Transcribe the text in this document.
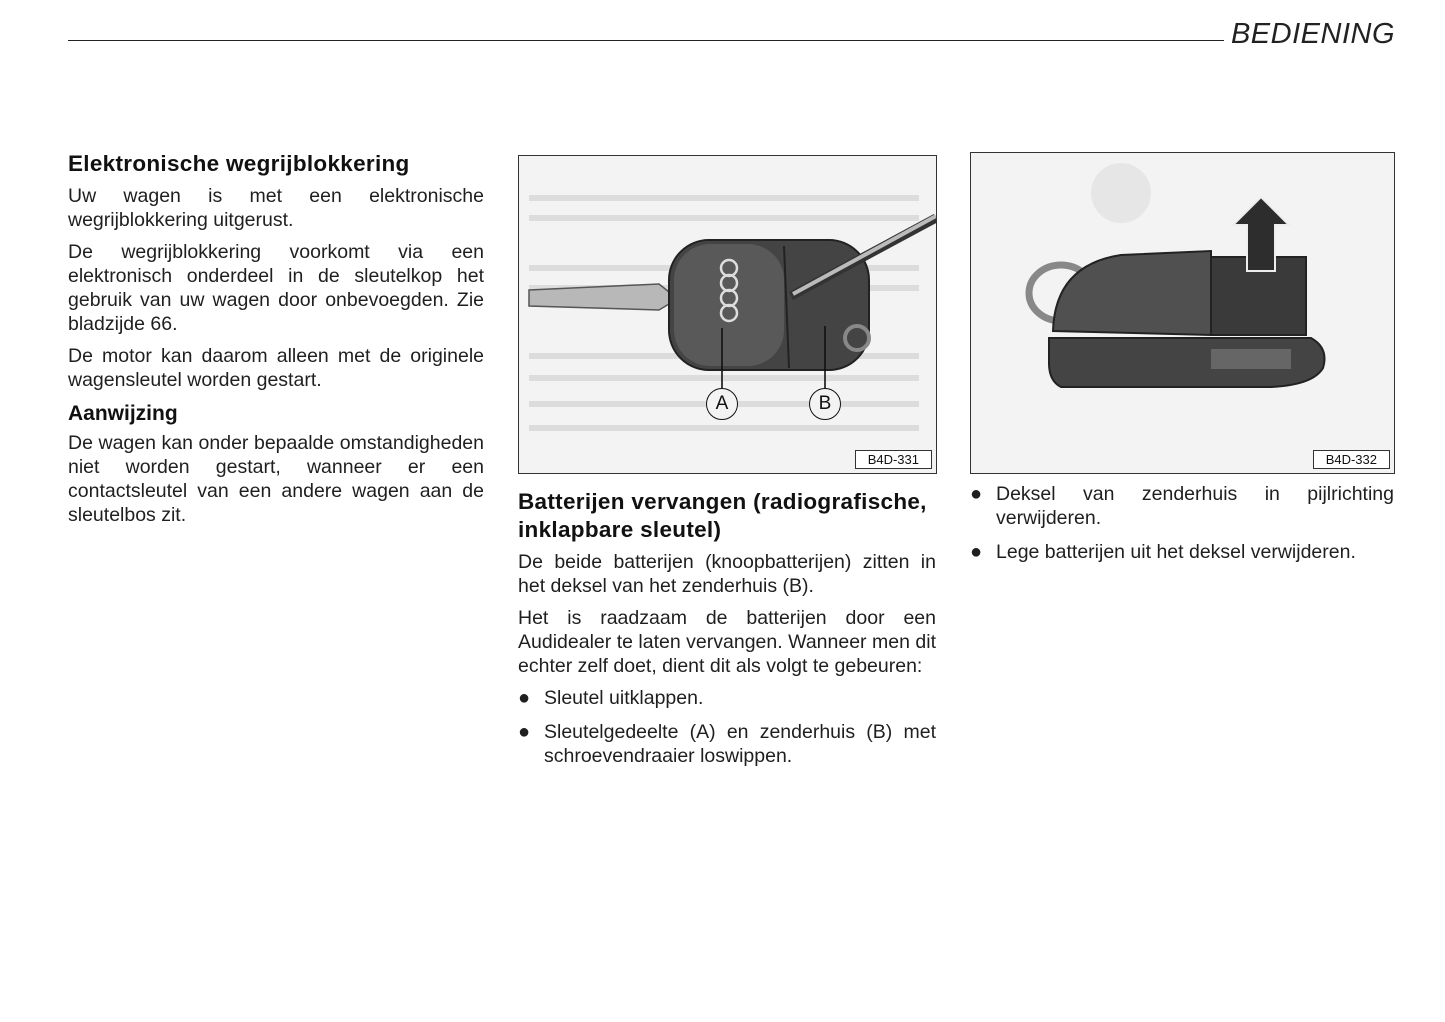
BEDIENING
Elektronische wegrijblokkering

Uw wagen is met een elektronische wegrijblokkering uitgerust.

De wegrijblokkering voorkomt via een elektronisch onderdeel in de sleutelkop het gebruik van uw wagen door onbevoegden. Zie bladzijde 66.

De motor kan daarom alleen met de originele wagensleutel worden gestart.

Aanwijzing

De wagen kan onder bepaalde omstandigheden niet worden gestart, wanneer er een contactsleutel van een andere wagen aan de sleutelbos zit.

A	B
B4D-331	B4D-332
Batterijen vervangen (radiografische, inklapbare sleutel)

De beide batterijen (knoopbatterijen) zitten in het deksel van het zenderhuis (B).

Het is raadzaam de batterijen door een Audidealer te laten vervangen. Wanneer men dit echter zelf doet, dient dit als volgt te gebeuren:

● Sleutel uitklappen.
● Sleutelgedeelte (A) en zenderhuis (B) met schroevendraaier loswippen.
● Deksel van zenderhuis in pijlrichting verwijderen.
● Lege batterijen uit het deksel verwijderen.
